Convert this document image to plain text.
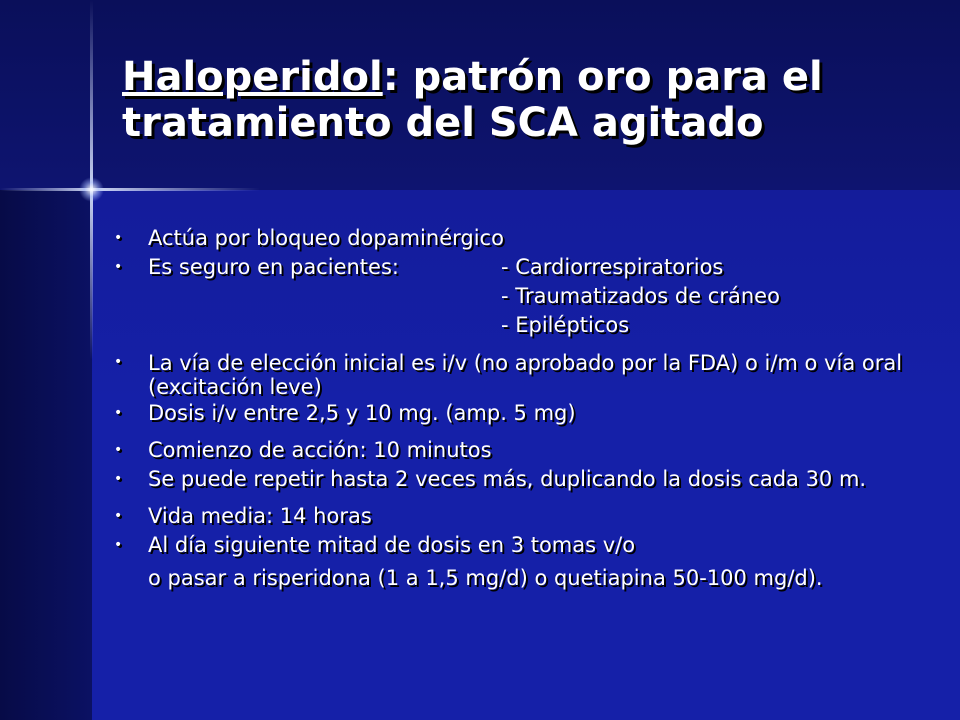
Haloperidol: patrón oro para el tratamiento del SCA agitado
• Actúa por bloqueo dopaminérgico
• Es seguro en pacientes:	- Cardiorrespiratorios
- Traumatizados de cráneo
- Epilépticos
• La vía de elección inicial es i/v (no aprobado por la FDA) o i/m o vía oral (excitación leve)
• Dosis i/v entre 2,5 y 10 mg. (amp. 5 mg)
• Comienzo de acción: 10 minutos
• Se puede repetir hasta 2 veces más, duplicando la dosis cada 30 m.
• Vida media: 14 horas
• Al día siguiente mitad de dosis en 3 tomas v/o
o pasar a risperidona (1 a 1,5 mg/d) o quetiapina 50-100 mg/d).
